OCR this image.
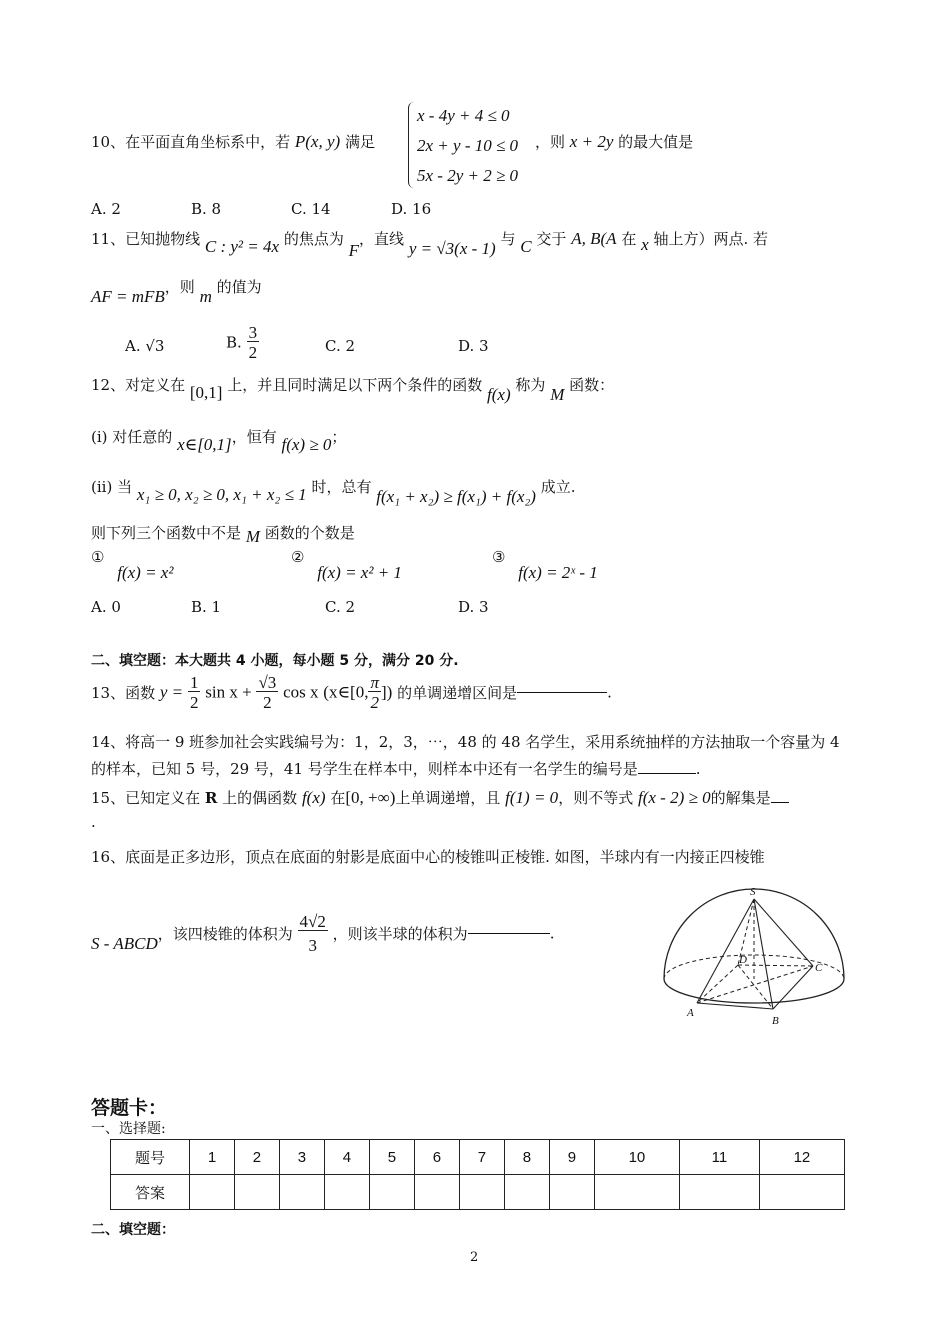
10、在平面直角坐标系中，若 P(x, y) 满足
x - 4y + 4 ≤ 0
2x + y - 10 ≤ 0
5x - 2y + 2 ≥ 0
，则 x + 2y 的最大值是
A. 2	B. 8	C. 14	D. 16
11、已知抛物线 C : y² = 4x 的焦点为 F，直线 y = √3(x - 1) 与 C 交于 A, B(A 在 x 轴上方）两点. 若
AF = mFB，则 m 的值为
A. √3	B. $\frac{3}{2}$	C. 2	D. 3
12、对定义在 [0,1] 上，并且同时满足以下两个条件的函数 f(x) 称为 M 函数：
(i) 对任意的 x∈[0,1]，恒有 f(x) ≥ 0；
(ii) 当 x₁ ≥ 0, x₂ ≥ 0, x₁ + x₂ ≤ 1 时，总有 f(x₁ + x₂) ≥ f(x₁) + f(x₂) 成立.
则下列三个函数中不是 M 函数的个数是
① f(x) = x²
② f(x) = x² + 1
③ f(x) = 2ˣ - 1
A. 0	B. 1	C. 2	D. 3
二、填空题：本大题共 4 小题，每小题 5 分，满分 20 分.
13、函数 $y = \frac{1}{2}$ $\sin x + \frac{√3}{2}$ cos x (x∈[0, $\frac{\pi}{2}$ ]) 的单调递增区间是	.
14、将高一 9 班参加社会实践编号为：1，2，3，⋯，48 的 48 名学生，采用系统抽样的方法抽取一个容量为 4
的样本，已知 5 号，29 号，41 号学生在样本中，则样本中还有一名学生的编号是	.
15、已知定义在 R 上的偶函数 f(x) 在[0, +∞)上单调递增，且 f(1) = 0，则不等式 f(x - 2) ≥ 0的解集是
.
16、底面是正多边形，顶点在底面的射影是底面中心的棱锥叫正棱锥. 如图，半球内有一内接正四棱锥
S - ABCD，该四棱锥的体积为 $\frac{4√2}{3}$ ，则该半球的体积为	.
S
D
C
A
B
答题卡：
一、选择题:
题号	1	2	3	4	5	6	7	8	9	10	11	12
答案												
二、填空题：
2
